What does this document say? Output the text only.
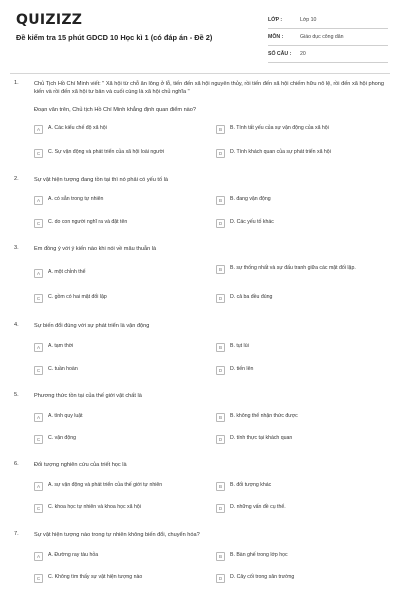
QUIZIZZ
Đề kiểm tra 15 phút GDCD 10 Học kì 1 (có đáp án - Đề 2)
LỚP :	Lớp 10
MÔN :	Giáo dục công dân
SỐ CÂU :	20
1.	Chủ Tịch Hồ Chí Minh viết: " Xã hội từ chỗ ăn lông ở lỗ, tiến đến xã hội nguyên thủy, rồi tiến đến xã hội chiếm hữu nô lệ, rồi đến xã hội phong kiến và rồi đến xã hội tư bản và cuối cùng là xã hội chủ nghĩa "
Đoạn văn trên, Chủ tịch Hồ Chí Minh khẳng định quan điểm nào?
A	A. Các kiểu chế độ xã hội	B	B. Tính tất yếu của sự vận động của xã hội
C	C. Sự vận động và phát triển của xã hội loài người	D	D. Tính khách quan của sự phát triển xã hội
2.	Sự vật hiện tượng đang tồn tại thì nó phải có yếu tố là
A	A. có sẵn trong tự nhiên	B	B. đang vận động
C	C. do con người nghĩ ra và đặt tên	D	D. Các yếu tố khác
3.	Em đồng ý với ý kiến nào khi nói về mâu thuẫn là
A	A. một chỉnh thể	B	B. sự thống nhất và sự đấu tranh giữa các mặt đối lập.
C	C. gồm có hai mặt đối lập	D	D. cả ba đều đúng
4.	Sự biến đổi đúng với sự phát triển là vận động
A	A. tạm thời	B	B. tụt lùi
C	C. tuần hoàn	D	D. tiến lên
5.	Phương thức tồn tại của thế giới vật chất là
A	A. tính quy luật	B	B. không thể nhận thức được
C	C. vận động	D	D. tính thực tại khách quan
6.	Đối tượng nghiên cứu của triết học là
A	A. sự vận động và phát triển của thế giới tự nhiên	B	B. đối tượng khác
C	C. khoa học tự nhiên và khoa học xã hội	D	D. những vấn đề cụ thể.
7.	Sự vật hiện tượng nào trong tự nhiên không biến đổi, chuyển hóa?
A	A. Đường ray tàu hỏa	B	B. Bàn ghế trong lớp học
C	C. Không tìm thấy sự vật hiện tượng nào	D	D. Cây cối trong sân trường
